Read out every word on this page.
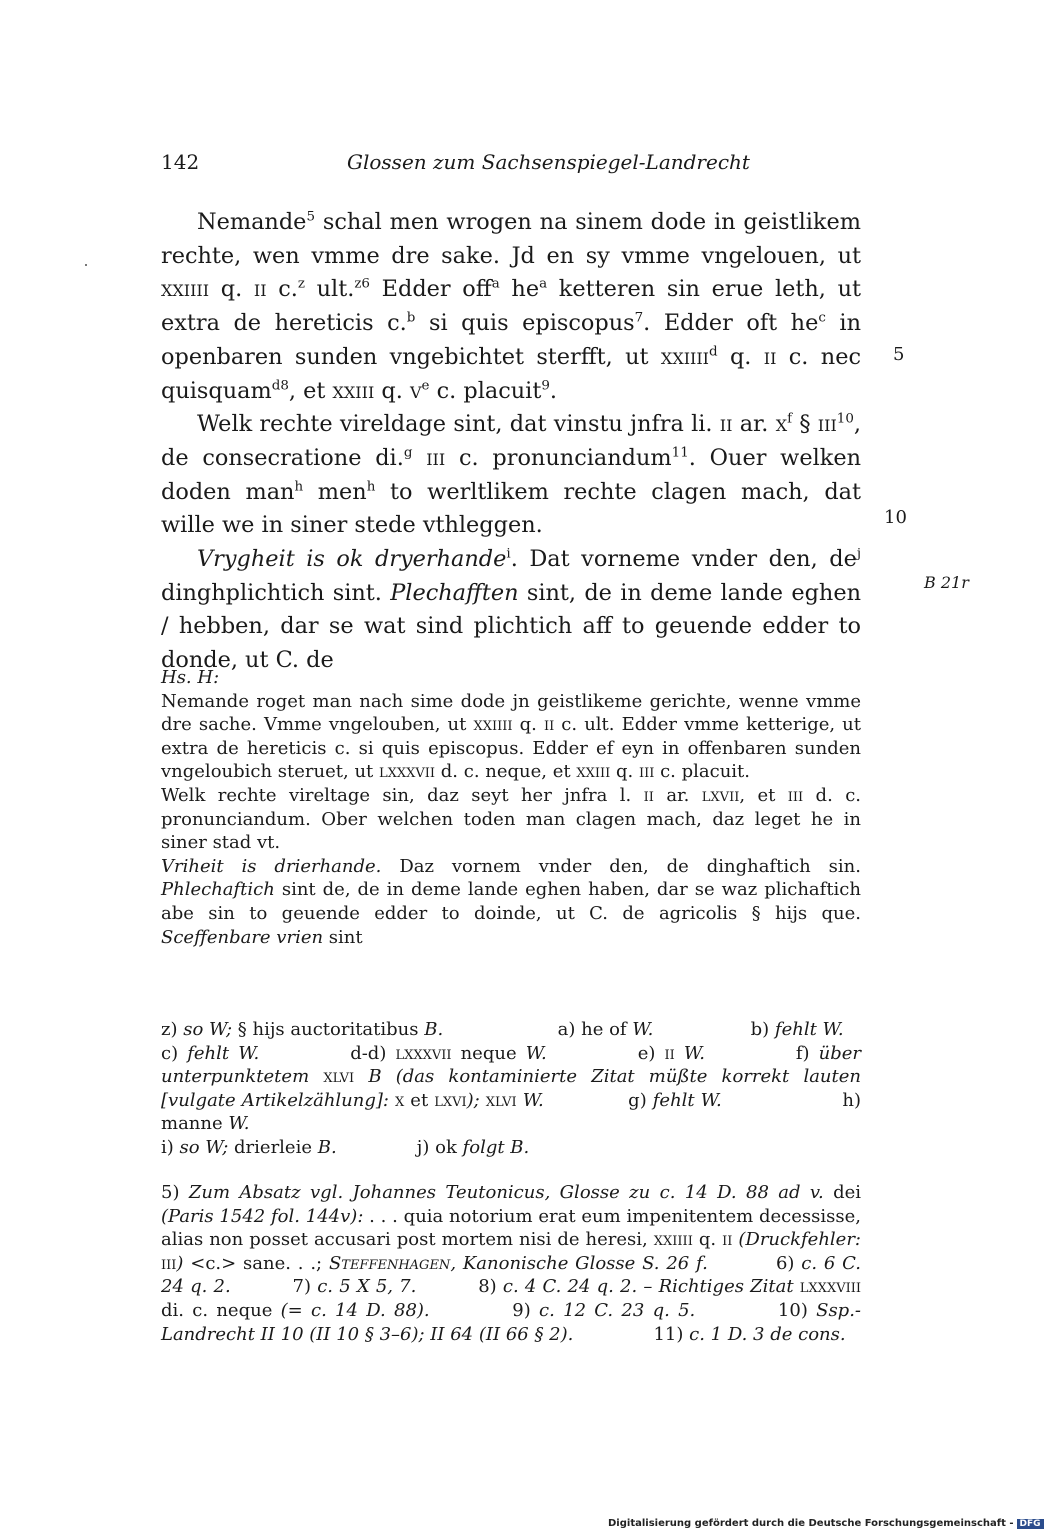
142	Glossen zum Sachsenspiegel-Landrecht

Nemande$^5$ schal men wrogen na sinem dode in geistlikem rechte, wen vmme dre sake. Jd en sy vmme vngelouen, ut xxiiii q. ii c.$^z$ ult.$^{z6}$ Edder off$^a$ $he^a$ ketteren sin erue leth, ut extra de hereticis c.$^b$ si quis episcopus$^7$. Edder oft $he^c$ in openbaren sunden vngebichtet sterfft, ut xxiiii$^d$ q. ii c. nec quisquam$^{d8}$, et xxiii q. $v^e$ c. placuit$^9$.

Welk rechte vireldage sint, dat vinstu jnfra li. ii ar. $x^f$ § iii$^{10}$, de consecratione di.$^g$ iii c. pronunciandum$^{11}$. Ouer welken doden man$^h$ men$^h$ to werltlikem rechte clagen mach, dat wille we in siner stede vthleggen.

Vrygheit is ok dryerhande$^i$. Dat vorneme vnder den, $de^j$ dinghplichtich sint. Plechafften sint, de in deme lande eghen / hebben, dar se wat sind plichtich aff to geuende edder to donde, ut C. de

5
10
B 21r

Hs. H:

Nemande roget man nach sime dode jn geistlikeme gerichte, wenne vmme dre sache. Vmme vngelouben, ut xxiiii q. ii c. ult. Edder vmme ketterige, ut extra de hereticis c. si quis episcopus. Edder ef eyn in offenbaren sunden vngeloubich steruet, ut lxxxvii d. c. neque, et xxiii q. iii c. placuit.

Welk rechte vireltage sin, daz seyt her jnfra l. ii ar. lxvii, et iii d. c. pronunciandum. Ober welchen toden man clagen mach, daz leget he in siner stad vt.

Vriheit is drierhande. Daz vornem vnder den, de dinghaftich sin. Phlechaftich sint de, de in deme lande eghen haben, dar se waz plichaftich abe sin to geuende edder to doinde, ut C. de agricolis § hijs que. Sceffenbare vrien sint

z) so W; § hijs auctoritatibus B.                    a) he of W.                 b) fehlt W.

c) fehlt W.          d-d) lxxxvii neque W.          e) ii W.          f) über unterpunktetem xlvi B (das kontaminierte Zitat müßte korrekt lauten [vulgate Artikelzählung]: x et lxvi); xlvi W.              g) fehlt W.                    h) manne W.

i) so W; drierleie B.              j) ok folgt B.

5) Zum Absatz vgl. Johannes Teutonicus, Glosse zu c. 14 D. 88 ad v. dei (Paris 1542 fol. 144v): . . . quia notorium erat eum impenitentem decessisse, alias non posset accusari post mortem nisi de heresi, xxiiii q. ii (Druckfehler: iii) <c.> sane. . .; Steffenhagen, Kanonische Glosse S. 26 f.          6) c. 6 C. 24 q. 2.          7) c. 5 X 5, 7.          8) c. 4 C. 24 q. 2. – Richtiges Zitat lxxxviii di. c. neque (= c. 14 D. 88).          9) c. 12 C. 23 q. 5.          10) Ssp.-Landrecht II 10 (II 10 § 3–6); II 64 (II 66 § 2).              11) c. 1 D. 3 de cons.

Digitalisierung gefördert durch die Deutsche Forschungsgemeinschaft - DFG
